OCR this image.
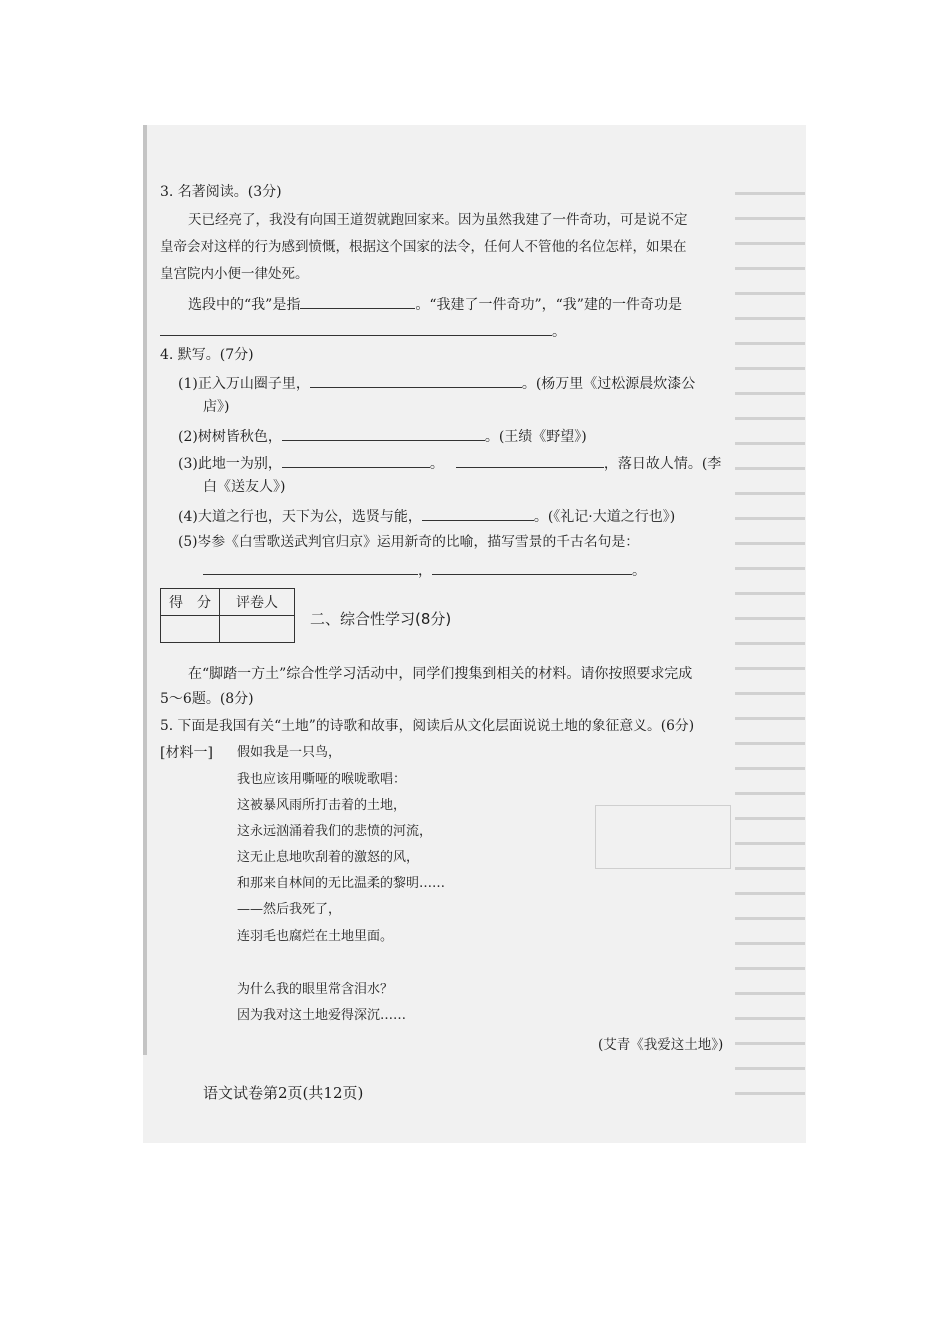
3. 名著阅读。(3分)
天已经亮了，我没有向国王道贺就跑回家来。因为虽然我建了一件奇功，可是说不定
皇帝会对这样的行为感到愤慨，根据这个国家的法令，任何人不管他的名位怎样，如果在
皇宫院内小便一律处死。
选段中的“我”是指	。“我建了一件奇功”，“我”建的一件奇功是
。
4. 默写。(7分)
(1)正入万山圈子里，	。(杨万里《过松源晨炊漆公
店》)
(2)树树皆秋色，	。(王绩《野望》)
(3)此地一为别，	。	，落日故人情。(李
白《送友人》)
(4)大道之行也，天下为公，选贤与能，	。(《礼记·大道之行也》)
(5)岑参《白雪歌送武判官归京》运用新奇的比喻，描写雪景的千古名句是：
，	。
得　分	评卷人

二、综合性学习(8分)
在“脚踏一方土”综合性学习活动中，同学们搜集到相关的材料。请你按照要求完成
5～6题。(8分)
5. 下面是我国有关“土地”的诗歌和故事，阅读后从文化层面说说土地的象征意义。(6分)
[材料一] 假如我是一只鸟，
我也应该用嘶哑的喉咙歌唱：
这被暴风雨所打击着的土地，
这永远汹涌着我们的悲愤的河流，
这无止息地吹刮着的激怒的风，
和那来自林间的无比温柔的黎明……
——然后我死了，
连羽毛也腐烂在土地里面。
为什么我的眼里常含泪水？
因为我对这土地爱得深沉……
(艾青《我爱这土地》)
语文试卷第2页(共12页)
